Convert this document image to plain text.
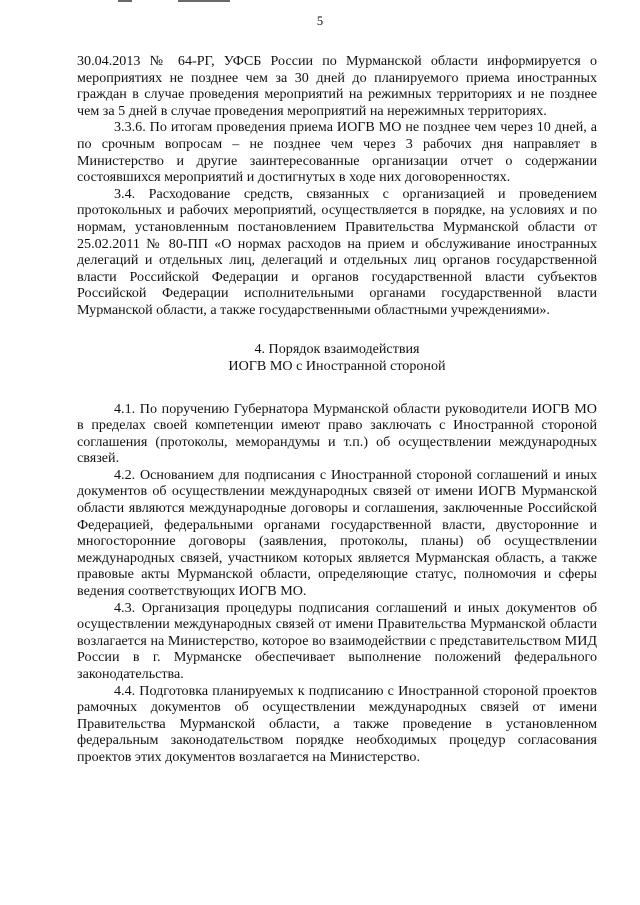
5

30.04.2013 № 64-РГ, УФСБ России по Мурманской области информируется о мероприятиях не позднее чем за 30 дней до планируемого приема иностранных граждан в случае проведения мероприятий на режимных территориях и не позднее чем за 5 дней в случае проведения мероприятий на нережимных территориях.

3.3.6. По итогам проведения приема ИОГВ МО не позднее чем через 10 дней, а по срочным вопросам – не позднее чем через 3 рабочих дня направляет в Министерство и другие заинтересованные организации отчет о содержании состоявшихся мероприятий и достигнутых в ходе них договоренностях.

3.4. Расходование средств, связанных с организацией и проведением протокольных и рабочих мероприятий, осуществляется в порядке, на условиях и по нормам, установленным постановлением Правительства Мурманской области от 25.02.2011 № 80-ПП «О нормах расходов на прием и обслуживание иностранных делегаций и отдельных лиц, делегаций и отдельных лиц органов государственной власти Российской Федерации и органов государственной власти субъектов Российской Федерации исполнительными органами государственной власти Мурманской области, а также государственными областными учреждениями».

4. Порядок взаимодействия
ИОГВ МО с Иностранной стороной

4.1. По поручению Губернатора Мурманской области руководители ИОГВ МО в пределах своей компетенции имеют право заключать с Иностранной стороной соглашения (протоколы, меморандумы и т.п.) об осуществлении международных связей.

4.2. Основанием для подписания с Иностранной стороной соглашений и иных документов об осуществлении международных связей от имени ИОГВ Мурманской области являются международные договоры и соглашения, заключенные Российской Федерацией, федеральными органами государственной власти, двусторонние и многосторонние договоры (заявления, протоколы, планы) об осуществлении международных связей, участником которых является Мурманская область, а также правовые акты Мурманской области, определяющие статус, полномочия и сферы ведения соответствующих ИОГВ МО.

4.3. Организация процедуры подписания соглашений и иных документов об осуществлении международных связей от имени Правительства Мурманской области возлагается на Министерство, которое во взаимодействии с представительством МИД России в г. Мурманске обеспечивает выполнение положений федерального законодательства.

4.4. Подготовка планируемых к подписанию с Иностранной стороной проектов рамочных документов об осуществлении международных связей от имени Правительства Мурманской области, а также проведение в установленном федеральным законодательством порядке необходимых процедур согласования проектов этих документов возлагается на Министерство.
